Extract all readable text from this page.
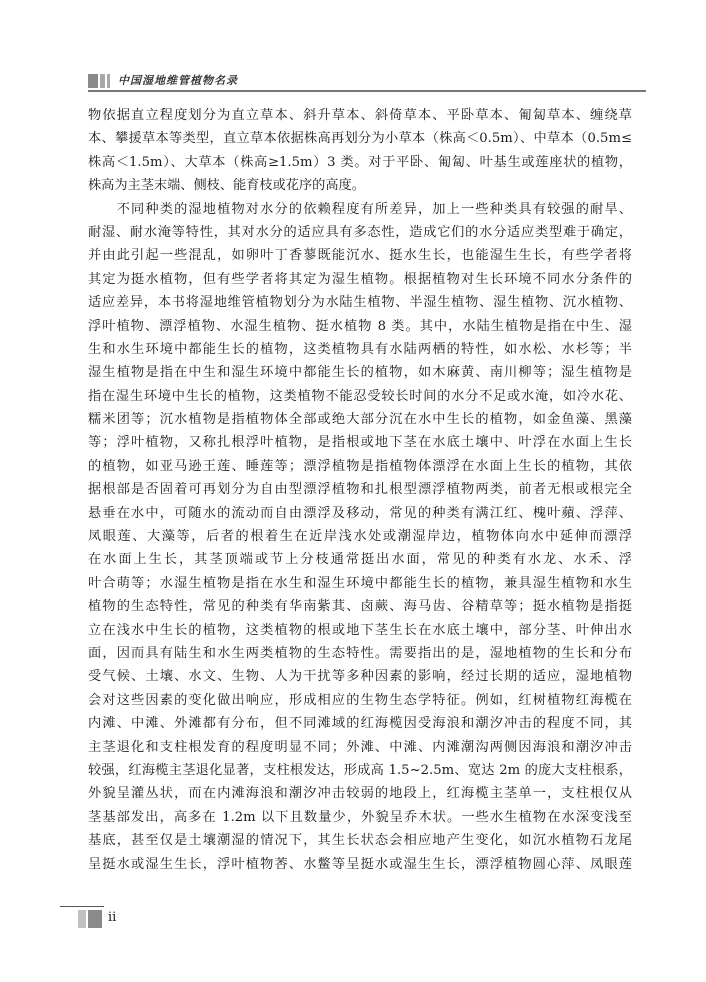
中国湿地维管植物名录
物依据直立程度划分为直立草本、斜升草本、斜倚草本、平卧草本、匍匐草本、缠绕草
本、攀援草本等类型，直立草本依据株高再划分为小草本（株高＜0.5m）、中草本（0.5m≤
株高＜1.5m）、大草本（株高≥1.5m）3 类。对于平卧、匍匐、叶基生或莲座状的植物，
株高为主茎末端、侧枝、能育枝或花序的高度。
　　不同种类的湿地植物对水分的依赖程度有所差异，加上一些种类具有较强的耐旱、
耐湿、耐水淹等特性，其对水分的适应具有多态性，造成它们的水分适应类型难于确定，
并由此引起一些混乱，如卵叶丁香蓼既能沉水、挺水生长，也能湿生生长，有些学者将
其定为挺水植物，但有些学者将其定为湿生植物。根据植物对生长环境不同水分条件的
适应差异，本书将湿地维管植物划分为水陆生植物、半湿生植物、湿生植物、沉水植物、
浮叶植物、漂浮植物、水湿生植物、挺水植物 8 类。其中，水陆生植物是指在中生、湿
生和水生环境中都能生长的植物，这类植物具有水陆两栖的特性，如水松、水杉等；半
湿生植物是指在中生和湿生环境中都能生长的植物，如木麻黄、南川柳等；湿生植物是
指在湿生环境中生长的植物，这类植物不能忍受较长时间的水分不足或水淹，如冷水花、
糯米团等；沉水植物是指植物体全部或绝大部分沉在水中生长的植物，如金鱼藻、黑藻
等；浮叶植物，又称扎根浮叶植物，是指根或地下茎在水底土壤中、叶浮在水面上生长
的植物，如亚马逊王莲、睡莲等；漂浮植物是指植物体漂浮在水面上生长的植物，其依
据根部是否固着可再划分为自由型漂浮植物和扎根型漂浮植物两类，前者无根或根完全
悬垂在水中，可随水的流动而自由漂浮及移动，常见的种类有满江红、槐叶蘋、浮萍、
凤眼莲、大藻等，后者的根着生在近岸浅水处或潮湿岸边，植物体向水中延伸而漂浮
在水面上生长，其茎顶端或节上分枝通常挺出水面，常见的种类有水龙、水禾、浮
叶合萌等；水湿生植物是指在水生和湿生环境中都能生长的植物，兼具湿生植物和水生
植物的生态特性，常见的种类有华南紫萁、卤蕨、海马齿、谷精草等；挺水植物是指挺
立在浅水中生长的植物，这类植物的根或地下茎生长在水底土壤中，部分茎、叶伸出水
面，因而具有陆生和水生两类植物的生态特性。需要指出的是，湿地植物的生长和分布
受气候、土壤、水文、生物、人为干扰等多种因素的影响，经过长期的适应，湿地植物
会对这些因素的变化做出响应，形成相应的生物生态学特征。例如，红树植物红海榄在
内滩、中滩、外滩都有分布，但不同滩域的红海榄因受海浪和潮汐冲击的程度不同，其
主茎退化和支柱根发育的程度明显不同；外滩、中滩、内滩潮沟两侧因海浪和潮汐冲击
较强，红海榄主茎退化显著，支柱根发达，形成高 1.5~2.5m、宽达 2m 的庞大支柱根系，
外貌呈灌丛状，而在内滩海浪和潮汐冲击较弱的地段上，红海榄主茎单一，支柱根仅从
茎基部发出，高多在 1.2m 以下且数量少，外貌呈乔木状。一些水生植物在水深变浅至
基底，甚至仅是土壤潮湿的情况下，其生长状态会相应地产生变化，如沉水植物石龙尾
呈挺水或湿生生长，浮叶植物莕、水鳖等呈挺水或湿生生长，漂浮植物圆心萍、凤眼莲
ii
